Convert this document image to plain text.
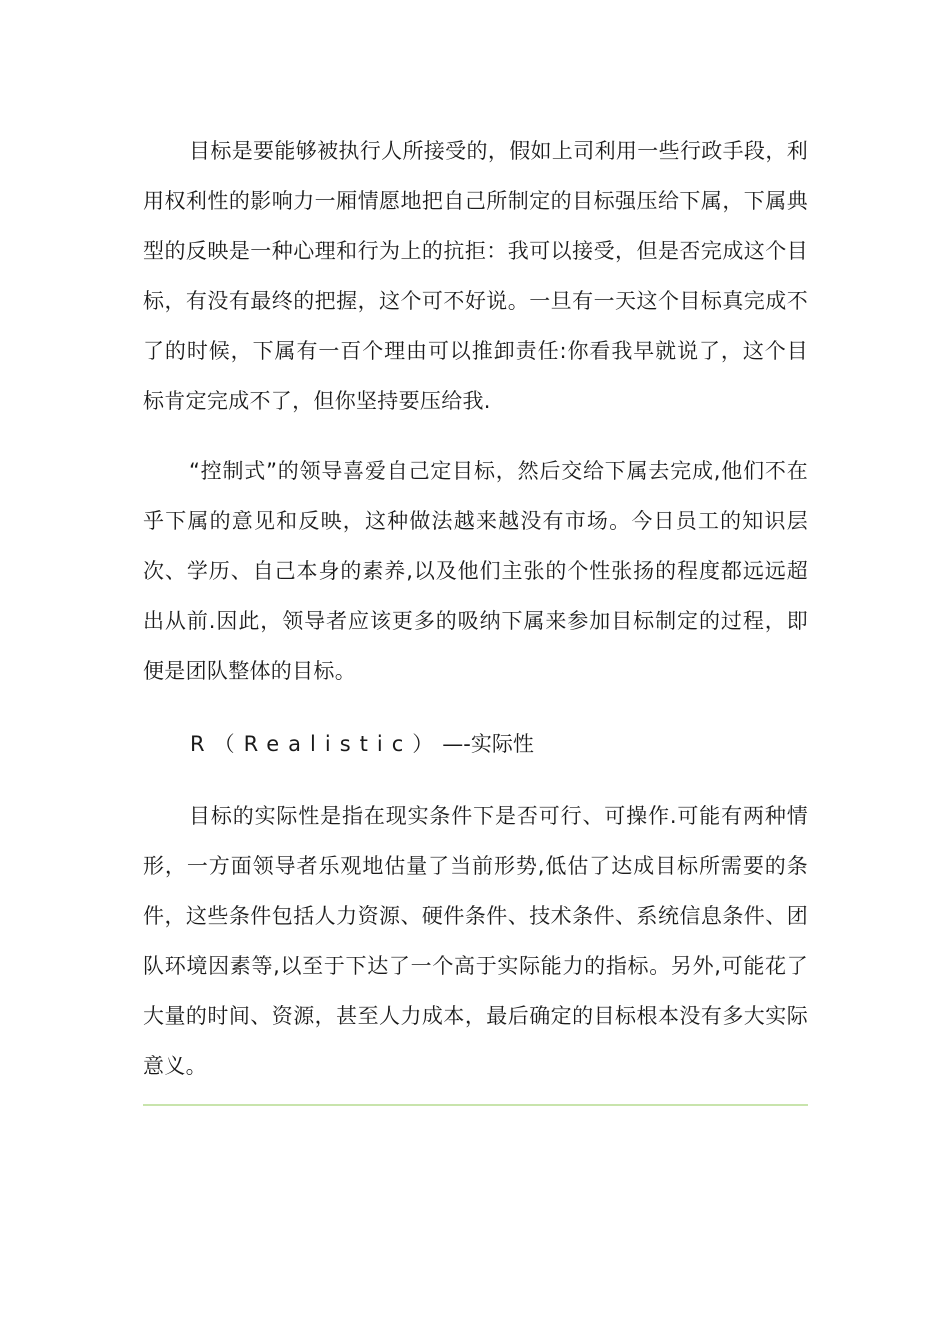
目标是要能够被执行人所接受的，假如上司利用一些行政手段，利用权利性的影响力一厢情愿地把自己所制定的目标强压给下属，下属典型的反映是一种心理和行为上的抗拒：我可以接受，但是否完成这个目标，有没有最终的把握，这个可不好说。一旦有一天这个目标真完成不了的时候，下属有一百个理由可以推卸责任:你看我早就说了，这个目标肯定完成不了，但你坚持要压给我.

“控制式”的领导喜爱自己定目标，然后交给下属去完成,他们不在乎下属的意见和反映，这种做法越来越没有市场。今日员工的知识层次、学历、自己本身的素养,以及他们主张的个性张扬的程度都远远超出从前.因此，领导者应该更多的吸纳下属来参加目标制定的过程，即便是团队整体的目标。

R（Realistic）—-实际性

目标的实际性是指在现实条件下是否可行、可操作.可能有两种情形，一方面领导者乐观地估量了当前形势,低估了达成目标所需要的条件，这些条件包括人力资源、硬件条件、技术条件、系统信息条件、团队环境因素等,以至于下达了一个高于实际能力的指标。另外,可能花了大量的时间、资源，甚至人力成本，最后确定的目标根本没有多大实际意义。
